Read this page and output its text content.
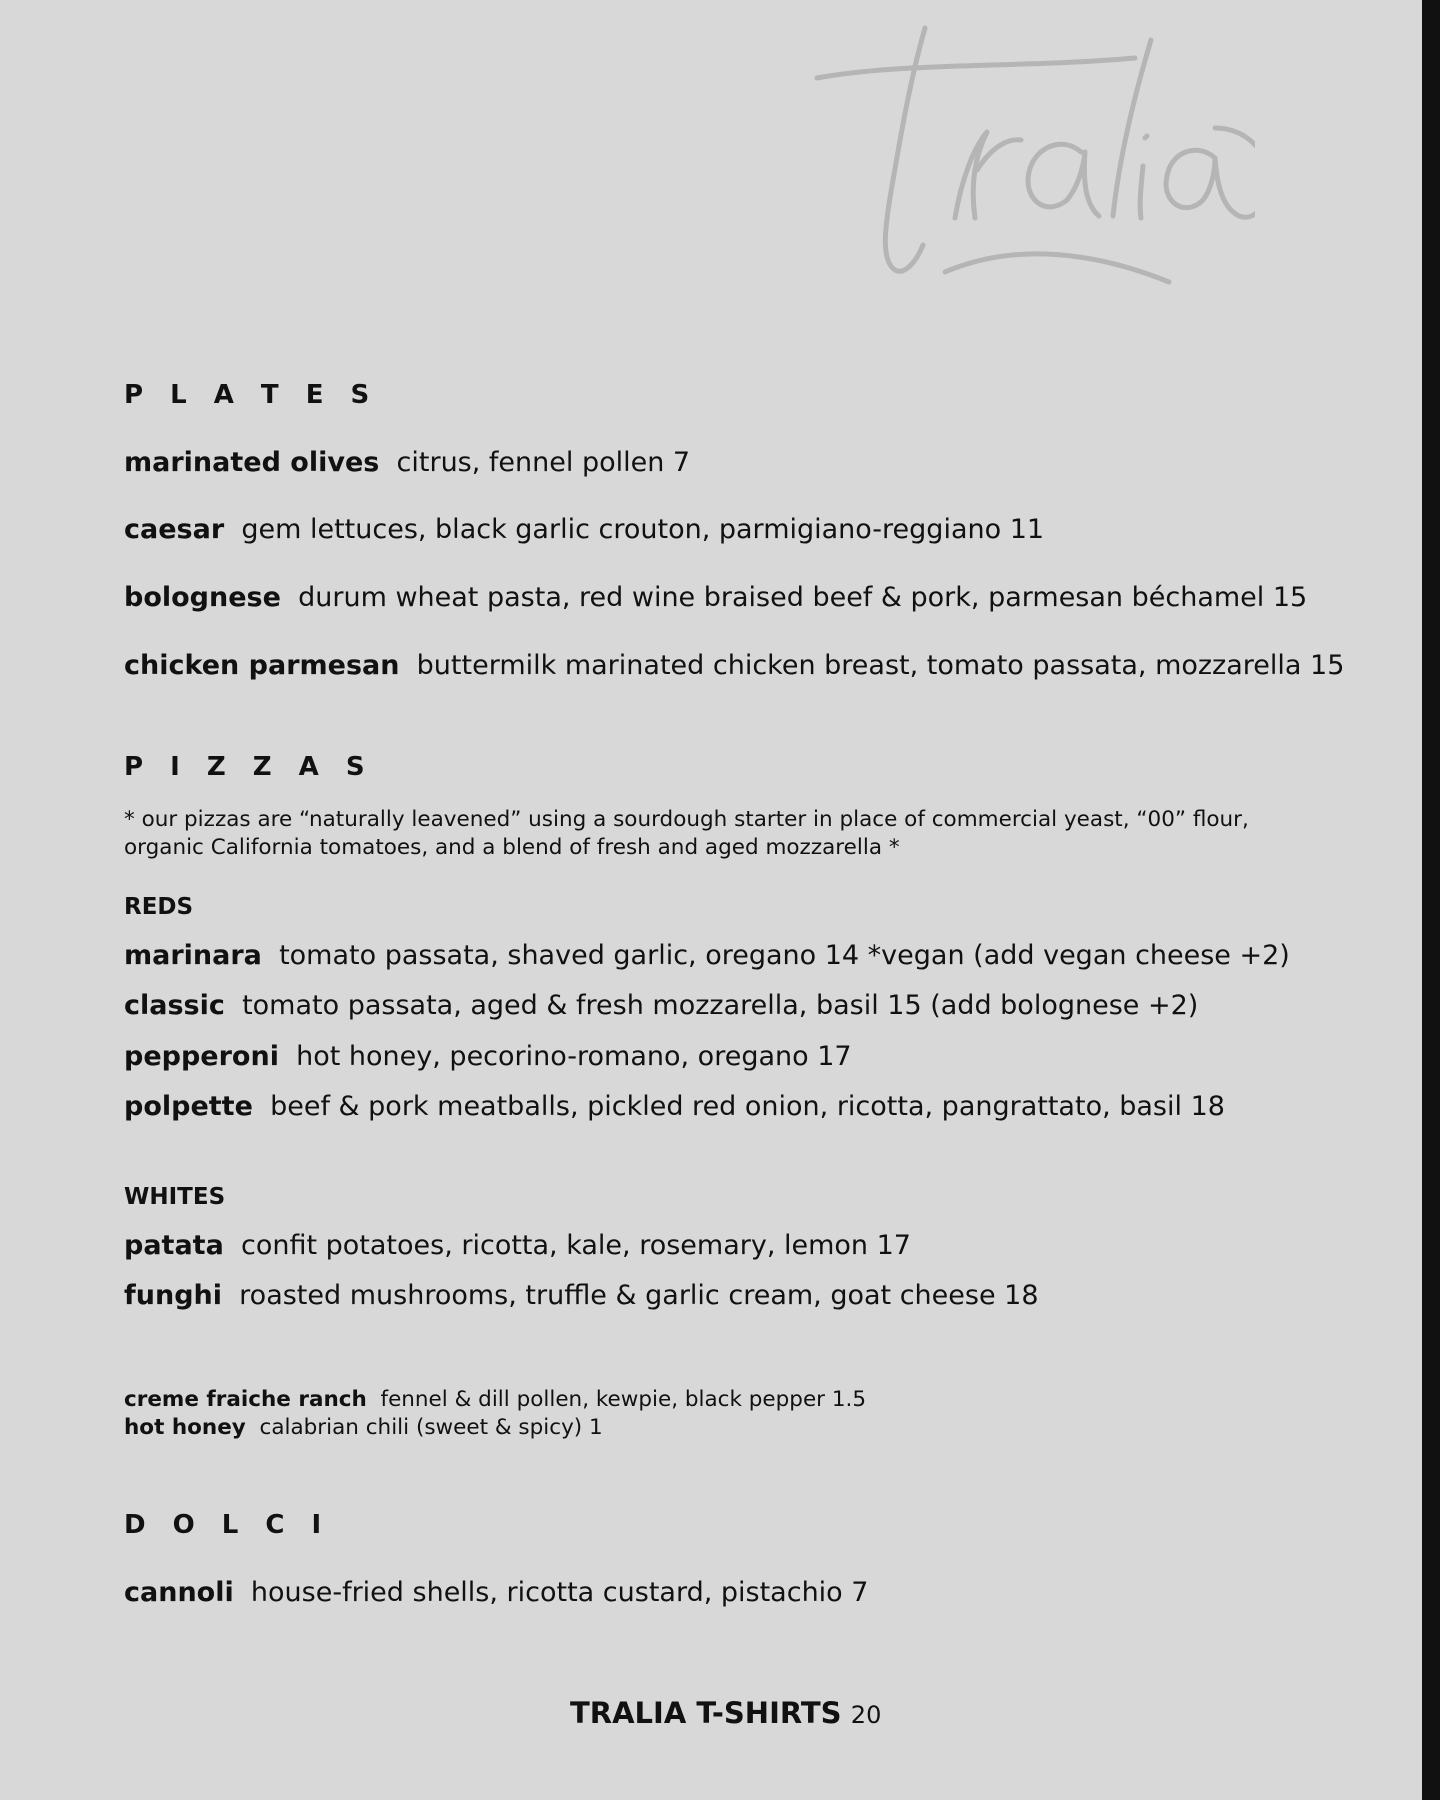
P L A T E S
marinated olives citrus, fennel pollen 7
caesar gem lettuces, black garlic crouton, parmigiano-reggiano 11
bolognese durum wheat pasta, red wine braised beef & pork, parmesan béchamel 15
chicken parmesan buttermilk marinated chicken breast, tomato passata, mozzarella 15
P I Z Z A S
* our pizzas are “naturally leavened” using a sourdough starter in place of commercial yeast, “00” flour,
organic California tomatoes, and a blend of fresh and aged mozzarella *
REDS
marinara tomato passata, shaved garlic, oregano 14 *vegan (add vegan cheese +2)
classic tomato passata, aged & fresh mozzarella, basil 15 (add bolognese +2)
pepperoni hot honey, pecorino-romano, oregano 17
polpette beef & pork meatballs, pickled red onion, ricotta, pangrattato, basil 18
WHITES
patata confit potatoes, ricotta, kale, rosemary, lemon 17
funghi roasted mushrooms, truffle & garlic cream, goat cheese 18
creme fraiche ranch fennel & dill pollen, kewpie, black pepper 1.5
hot honey calabrian chili (sweet & spicy) 1
D O L C I
cannoli house-fried shells, ricotta custard, pistachio 7
TRALIA T-SHIRTS 20
